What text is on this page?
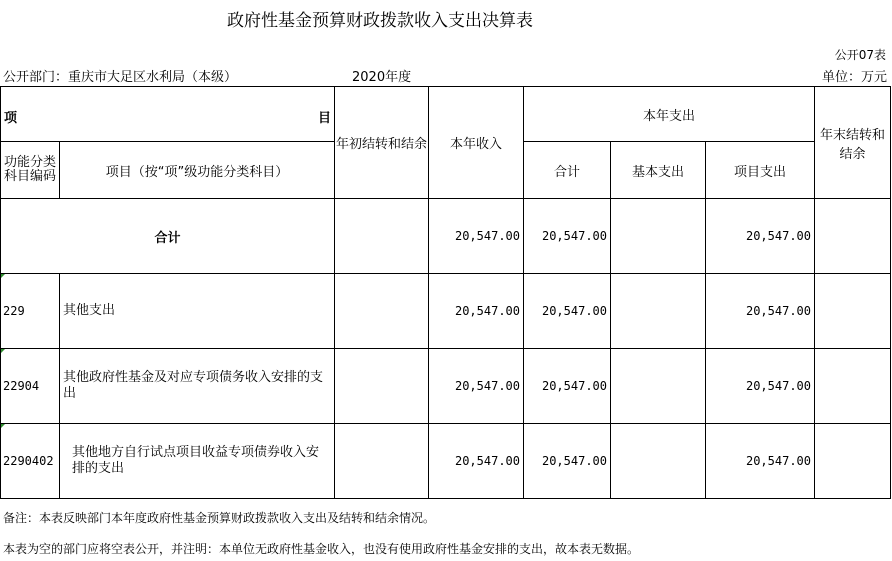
政府性基金预算财政拨款收入支出决算表
公开07表
公开部门：重庆市大足区水利局（本级）	2020年度	单位：万元
项 目		年初结转和结余	本年收入	本年支出			年末结转和结余
功能分类科目编码	项目（按“项”级功能分类科目）			合计	基本支出	项目支出	
合计			20,547.00	20,547.00		20,547.00	
229	其他支出		20,547.00	20,547.00		20,547.00	
22904	其他政府性基金及对应专项债务收入安排的支出		20,547.00	20,547.00		20,547.00	
2290402	其他地方自行试点项目收益专项债券收入安排的支出		20,547.00	20,547.00		20,547.00	
备注：本表反映部门本年度政府性基金预算财政拨款收入支出及结转和结余情况。
本表为空的部门应将空表公开，并注明：本单位无政府性基金收入，也没有使用政府性基金安排的支出，故本表无数据。
